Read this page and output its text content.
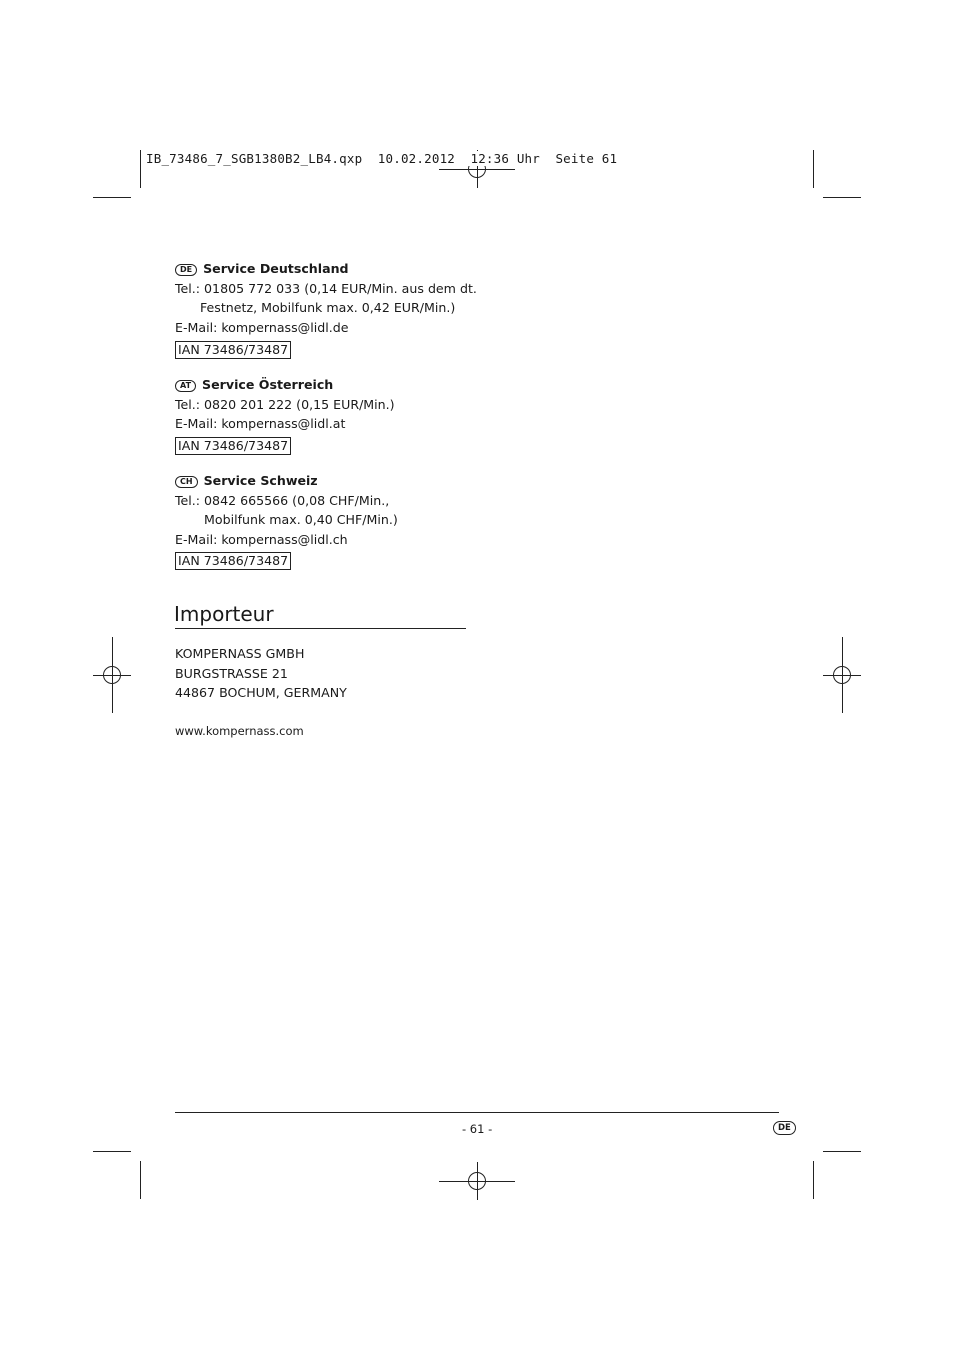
IB_73486_7_SGB1380B2_LB4.qxp  10.02.2012  12:36 Uhr  Seite 61
DE Service Deutschland
Tel.: 01805 772 033 (0,14 EUR/Min. aus dem dt.
Festnetz, Mobilfunk max. 0,42 EUR/Min.)
E-Mail: kompernass@lidl.de
IAN 73486/73487
AT Service Österreich
Tel.: 0820 201 222 (0,15 EUR/Min.)
E-Mail: kompernass@lidl.at
IAN 73486/73487
CH Service Schweiz
Tel.: 0842 665566 (0,08 CHF/Min.,
Mobilfunk max. 0,40 CHF/Min.)
E-Mail: kompernass@lidl.ch
IAN 73486/73487
Importeur
KOMPERNASS GMBH
BURGSTRASSE 21
44867 BOCHUM, GERMANY
www.kompernass.com
- 61 -	DE
